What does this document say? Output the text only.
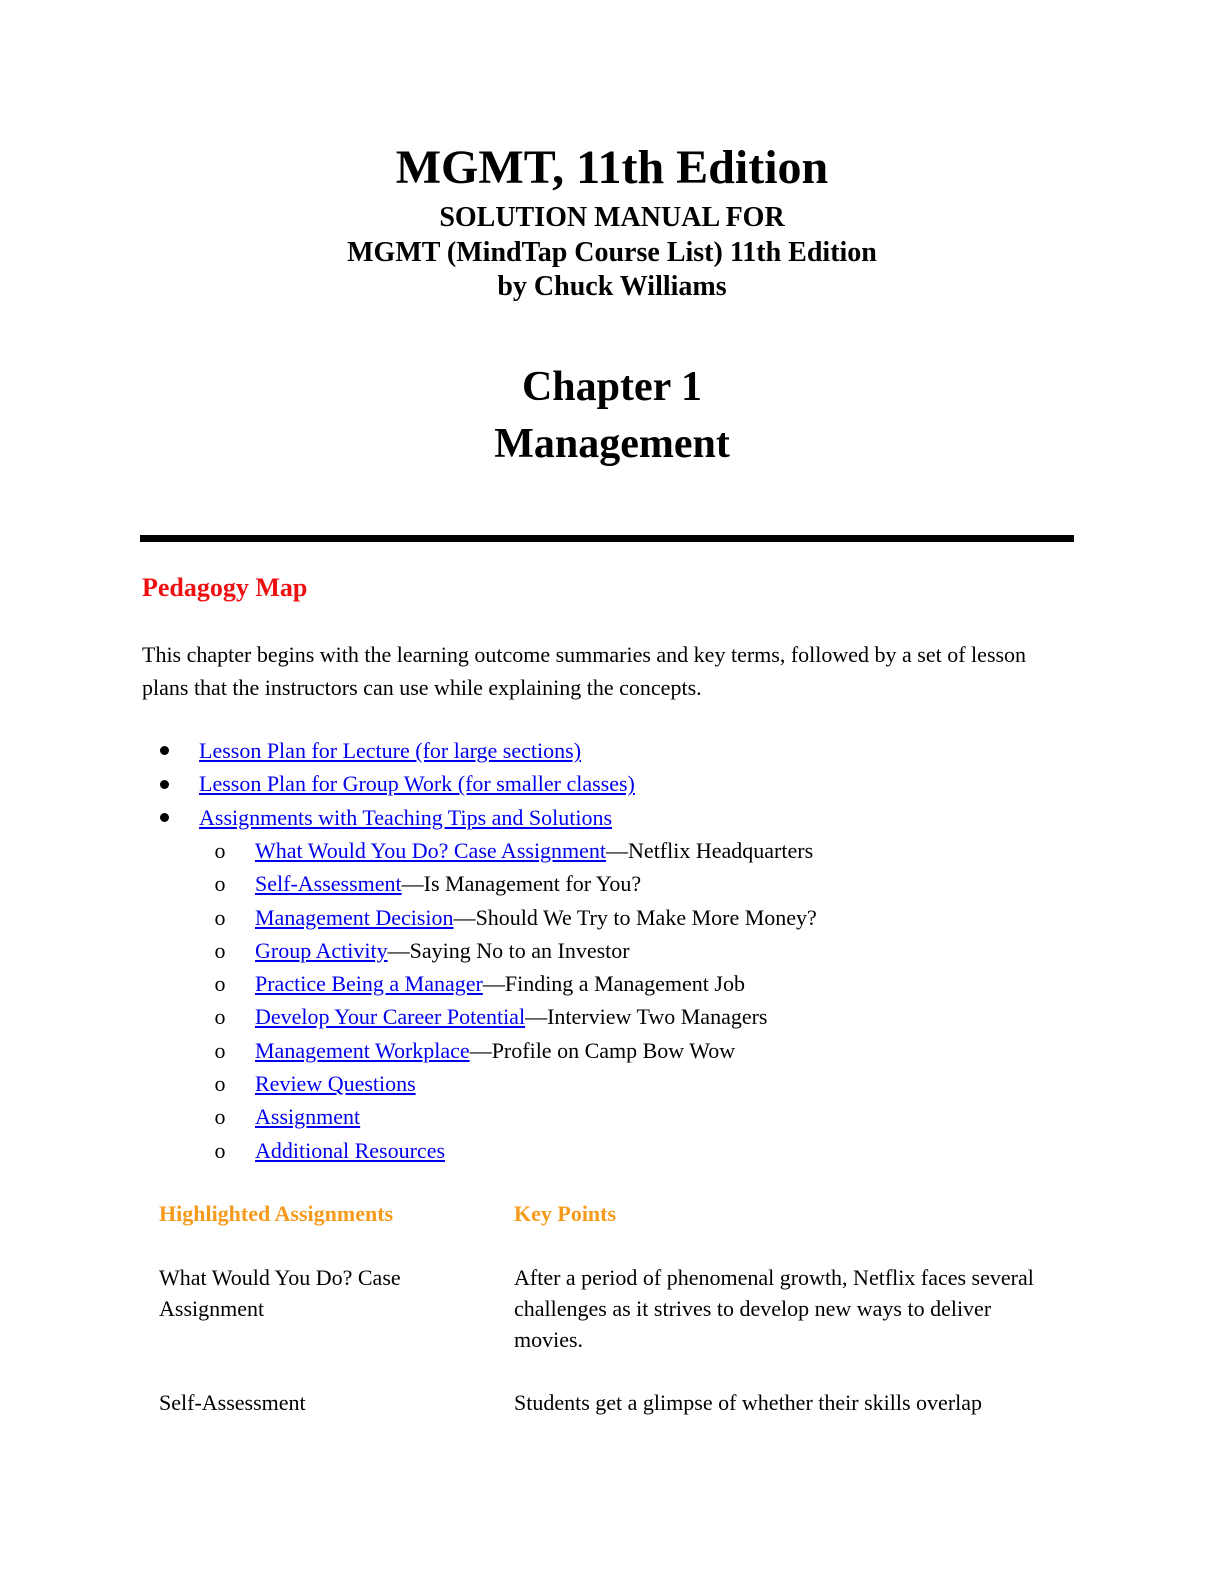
MGMT, 11th Edition
SOLUTION MANUAL FOR
MGMT (MindTap Course List) 11th Edition
by Chuck Williams
Chapter 1
Management
Pedagogy Map
This chapter begins with the learning outcome summaries and key terms, followed by a set of lesson plans that the instructors can use while explaining the concepts.
Lesson Plan for Lecture (for large sections)
Lesson Plan for Group Work (for smaller classes)
Assignments with Teaching Tips and Solutions
o What Would You Do? Case Assignment—Netflix Headquarters
o Self-Assessment—Is Management for You?
o Management Decision—Should We Try to Make More Money?
o Group Activity—Saying No to an Investor
o Practice Being a Manager—Finding a Management Job
o Develop Your Career Potential—Interview Two Managers
o Management Workplace—Profile on Camp Bow Wow
o Review Questions
o Assignment
o Additional Resources
Highlighted Assignments	Key Points
What Would You Do? Case Assignment
After a period of phenomenal growth, Netflix faces several challenges as it strives to develop new ways to deliver movies.
Self-Assessment	Students get a glimpse of whether their skills overlap
